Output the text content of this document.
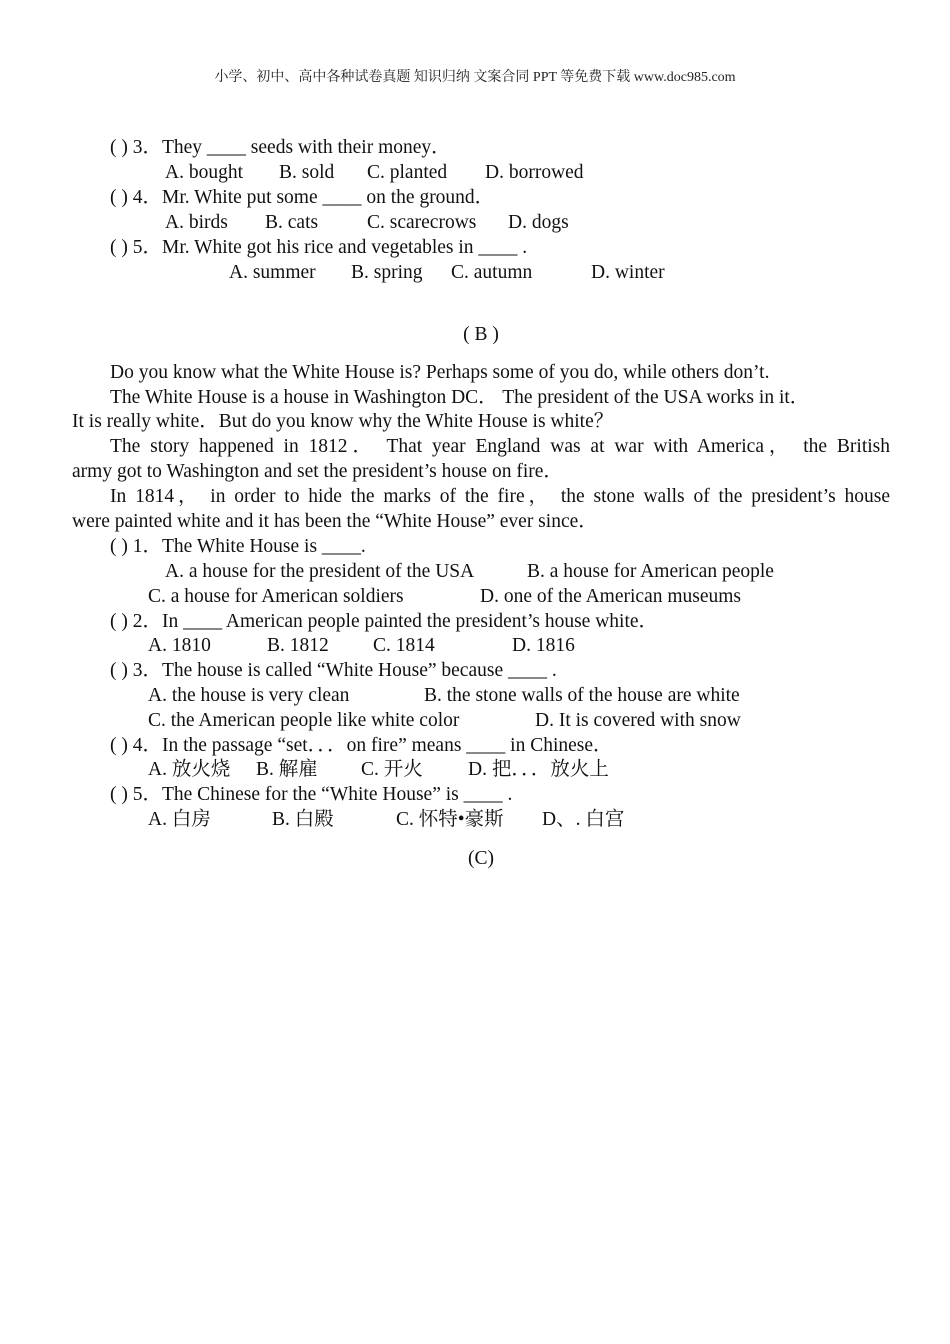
小学、初中、高中各种试卷真题 知识归纳 文案合同 PPT 等免费下载 www.doc985.com
( ) 3．They ____ seeds with their money．
A. bought B. sold C. planted D. borrowed
( ) 4．Mr. White put some ____ on the ground．
A. birds B. cats	C. scarecrows D. dogs
( ) 5．Mr. White got his rice and vegetables in ____ .
A. summer B. spring C. autumn	D. winter
( B )
Do you know what the White House is? Perhaps some of you do, while others don’t.
The White House is a house in Washington DC． The president of the USA works in it．
It is really white．But do you know why the White House is white？
The story happened in 1812． That year England was at war with America， the British
army got to Washington and set the president’s house on fire．
In 1814， in order to hide the marks of the fire， the stone walls of the president’s house
were painted white and it has been the “White House” ever since．
( ) 1．The White House is ____.
A. a house for the president of the USA	B. a house for American people
C. a house for American soldiers	D. one of the American museums
( ) 2．In ____ American people painted the president’s house white．
A. 1810	B. 1812 C. 1814	D. 1816
( ) 3．The house is called “White House” because ____ .
A. the house is very clean	B. the stone walls of the house are white
C. the American people like white color	D. It is covered with snow
( ) 4．In the passage “set．．．on fire” means ____ in Chinese．
A. 放火烧 B. 解雇 C. 开火 D. 把．．．放火上
( ) 5．The Chinese for the “White House” is ____ .
A. 白房	B. 白殿	C. 怀特•豪斯 D、. 白宫
(C)
